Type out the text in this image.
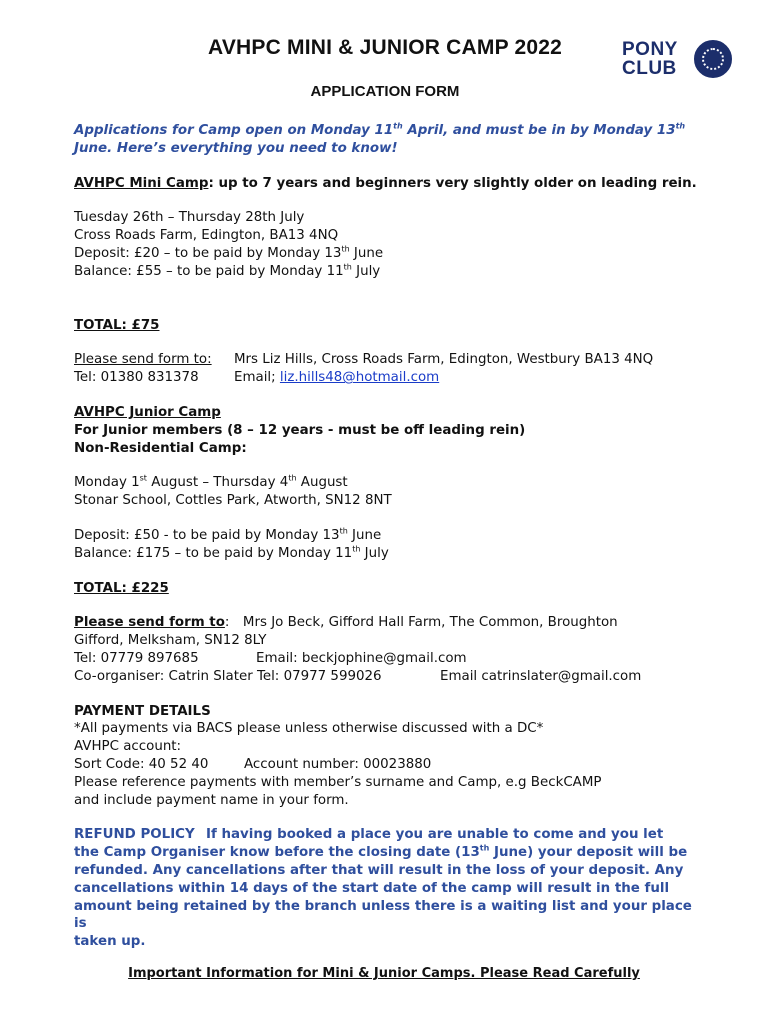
AVHPC MINI & JUNIOR CAMP 2022	PONY
CLUB
APPLICATION FORM

Applications for Camp open on Monday 11th April, and must be in by Monday 13th

June. Here’s everything you need to know!

AVHPC Mini Camp: up to 7 years and beginners very slightly older on leading rein.

Tuesday 26th – Thursday 28th July

Cross Roads Farm, Edington, BA13 4NQ

Deposit: £20 – to be paid by Monday 13th June

Balance: £55 – to be paid by Monday 11th July

TOTAL: £75

Please send form to: Mrs Liz Hills, Cross Roads Farm, Edington, Westbury BA13 4NQ

Tel: 01380 831378	Email; liz.hills48@hotmail.com

AVHPC Junior Camp

For Junior members (8 – 12 years - must be off leading rein)

Non-Residential Camp:

Monday 1st August – Thursday 4th August

Stonar School, Cottles Park, Atworth, SN12 8NT

Deposit: £50 - to be paid by Monday 13th June

Balance: £175 – to be paid by Monday 11th July

TOTAL: £225

Please send form to: Mrs Jo Beck, Gifford Hall Farm, The Common, Broughton

Gifford, Melksham, SN12 8LY

Tel: 07779 897685	Email: beckjophine@gmail.com

Co-organiser: Catrin Slater Tel: 07977 599026	Email catrinslater@gmail.com

PAYMENT DETAILS

*All payments via BACS please unless otherwise discussed with a DC*

AVHPC account:

Sort Code: 40 52 40	Account number: 00023880

Please reference payments with member’s surname and Camp, e.g BeckCAMP

and include payment name in your form.

REFUND POLICY If having booked a place you are unable to come and you let

the Camp Organiser know before the closing date (13th June) your deposit will be

refunded. Any cancellations after that will result in the loss of your deposit. Any

cancellations within 14 days of the start date of the camp will result in the full

amount being retained by the branch unless there is a waiting list and your place is

taken up.

Important Information for Mini & Junior Camps. Please Read Carefully
